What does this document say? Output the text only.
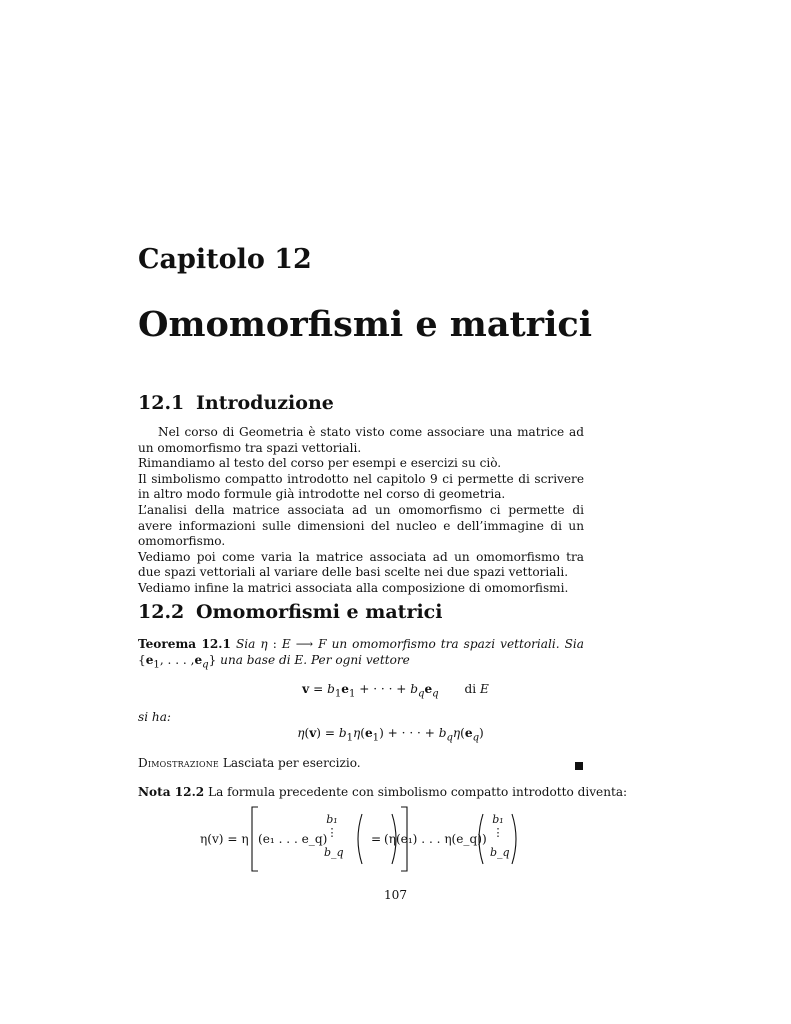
Capitolo 12
Omomorfismi e matrici
12.1 Introduzione

Nel corso di Geometria è stato visto come associare una matrice ad un omomorfismo tra spazi vettoriali.

Rimandiamo al testo del corso per esempi e esercizi su ciò.

Il simbolismo compatto introdotto nel capitolo 9 ci permette di scrivere in altro modo formule già introdotte nel corso di geometria.

L’analisi della matrice associata ad un omomorfismo ci permette di avere informazioni sulle dimensioni del nucleo e dell’immagine di un omomorfismo.

Vediamo poi come varia la matrice associata ad un omomorfismo tra due spazi vettoriali al variare delle basi scelte nei due spazi vettoriali.

Vediamo infine la matrici associata alla composizione di omomorfismi.

12.2 Omomorfismi e matrici
Teorema 12.1 Sia η : E ⟶ F un omomorfismo tra spazi vettoriali. Sia {$e_1$, . . . $,e_q$} una base di E. Per ogni vettore
$v = b_1e_1$ + · · · + $b_qe_q$ di E
si ha:
$\eta(v) = b_1\eta(e_1)$ + · · · + $b_q\eta(e_q)$
Dimostrazione Lasciata per esercizio.
Nota 12.2 La formula precedente con simbolismo compatto introdotto diventa:
η(v) = η (e₁ . . . e_q)
b₁
⋮
b_q
= (η(e₁) . . . η(e_q))
b₁
⋮
b_q
107
